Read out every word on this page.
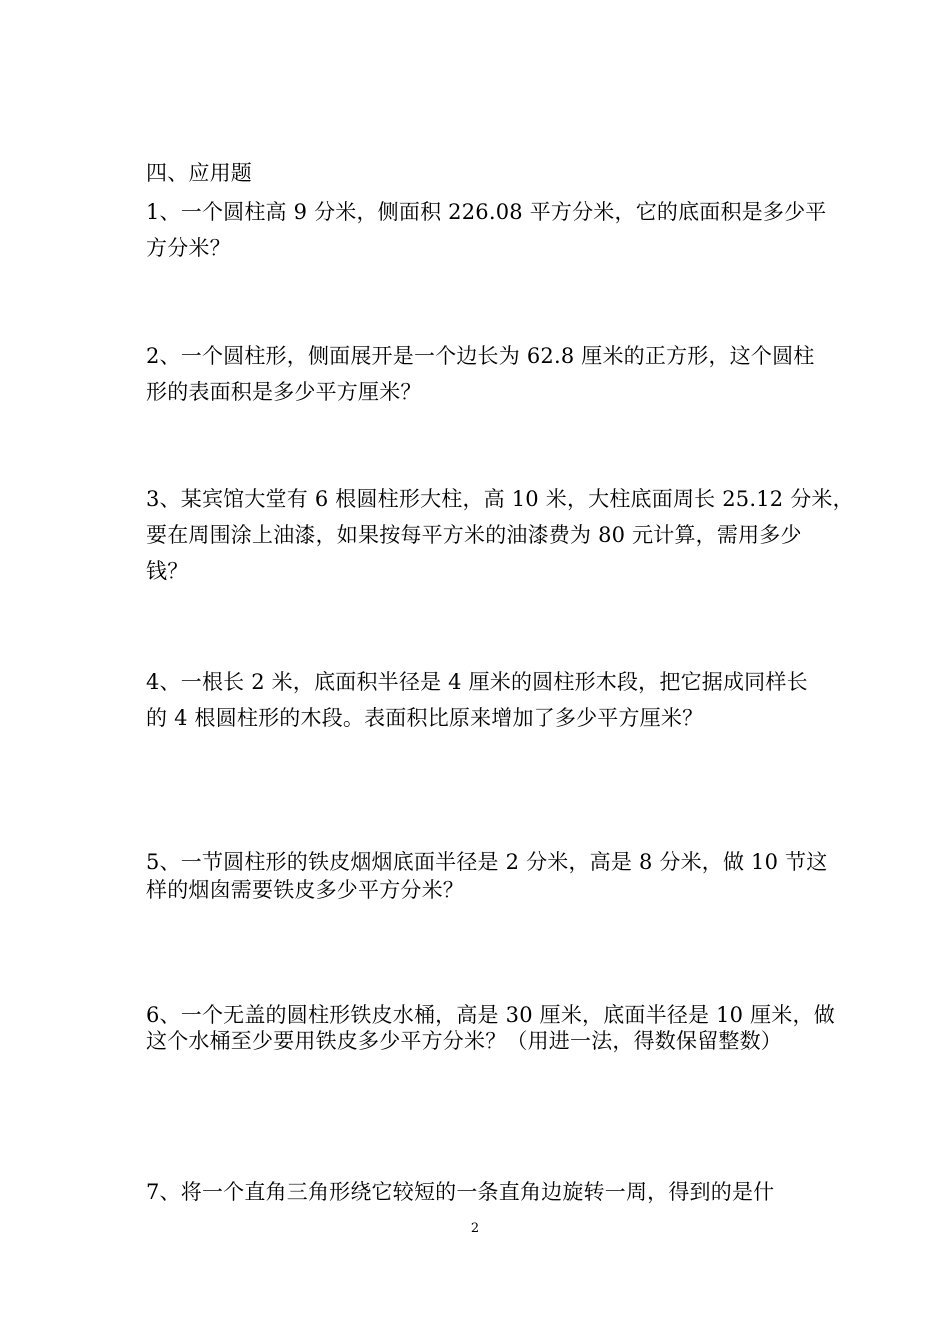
四、应用题
1、一个圆柱高 9 分米，侧面积 226.08 平方分米，它的底面积是多少平
方分米？
2、一个圆柱形，侧面展开是一个边长为 62.8 厘米的正方形，这个圆柱
形的表面积是多少平方厘米？
3、某宾馆大堂有 6 根圆柱形大柱，高 10 米，大柱底面周长 25.12 分米，
要在周围涂上油漆，如果按每平方米的油漆费为 80 元计算，需用多少
钱？
4、一根长 2 米，底面积半径是 4 厘米的圆柱形木段，把它据成同样长
的 4 根圆柱形的木段。表面积比原来增加了多少平方厘米？
5、一节圆柱形的铁皮烟烟底面半径是 2 分米，高是 8 分米，做 10 节这
样的烟囱需要铁皮多少平方分米？
6、一个无盖的圆柱形铁皮水桶，高是 30 厘米，底面半径是 10 厘米，做
这个水桶至少要用铁皮多少平方分米？（用进一法，得数保留整数）
7、将一个直角三角形绕它较短的一条直角边旋转一周，得到的是什
2
